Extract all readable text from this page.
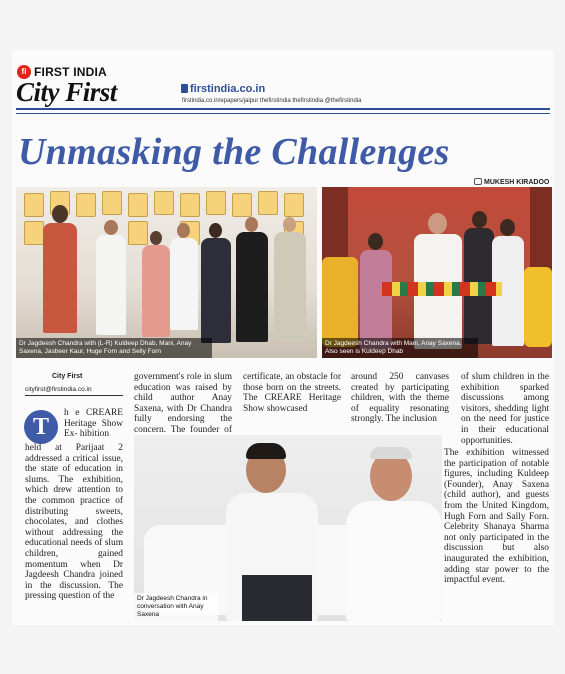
fi FIRST INDIA
City First	firstindia.co.in
firstindia.co.in/epapers/jaipur thefirstindia thefirstindia @thefirstindia
Unmasking the Challenges
MUKESH KIRADOO
Dr Jagdeesh Chandra with (L-R) Kuldeep Dhab, Mani, Anay Saxena, Jasbeer Kaur, Huge Forn and Selly Forn
Dr Jagdeesh Chandra with Mani, Anay Saxena. Also seen is Kuldeep Dhab
City First
cityfirst@firstindia.co.in
T
h e CREARE Heritage Show Ex- hibition
held at Parijaat 2 addressed a critical issue, the state of education in slums. The exhibition, which drew attention to the common practice of distributing sweets, chocolates, and clothes without addressing the educational needs of slum children, gained momentum when Dr Jagdeesh Chandra joined in the discussion. The pressing question of the
government's role in slum education was raised by child author Anay Saxena, with Dr Chandra fully endorsing the concern. The founder of
certificate, an obstacle for those born on the streets. The CREARE Heritage Show showcased
around 250 canvases created by participating children, with the theme of equality resonating strongly. The inclusion
of slum children in the exhibition sparked discussions among visitors, shedding light on the need for justice in their educational opportunities.
The exhibition witnessed the participation of notable figures, including Kuldeep (Founder), Anay Saxena (child author), and guests from the United Kingdom, Hugh Forn and Sally Forn. Celebrity Shanaya Sharma not only participated in the discussion but also inaugurated the exhibition, adding star power to the impactful event.
Dr Jagdeesh Chandra in conversation with Anay Saxena
